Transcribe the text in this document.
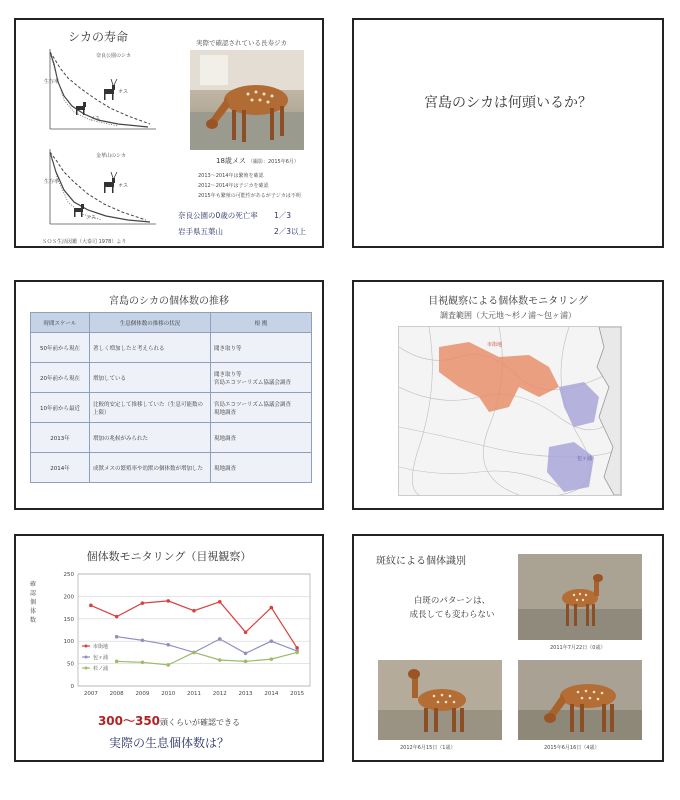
シカの寿命	実際で確認されている長寿ジカ
生存率
奈良公園のシカ
オス
メス
生存率
金華山のシカ
オス
メス
ＳＯＳ生活図鑑（大泰司 1978）より
18歳メス （撮影：2015年6月）
2013～2014年は繁殖を確認
2012～2014年は子ジカを確認
2015年も繁殖の可能性があるが子ジカは不明
奈良公園の0歳の死亡率 1／3
岩手県五葉山	2／3以上
宮島のシカは何頭いるか？
宮島のシカの個体数の推移
時間スケール	生息個体数の推移の状況	根 拠
50年前から現在	著しく増加したと考えられる	聞き取り等

20年前から現在	増加している	聞き取り等
宮島エコツーリズム協議会調査

10年前から最近	比較的安定して推移していた（生息可能数の上限）	宮島エコツーリズム協議会調査
現地調査

2013年	増加の兆候がみられた	現地調査

2014年	成獣メスの繁殖率や幼獣の個体数が増加した	現地調査
目視観察による個体数モニタリング
調査範囲（大元地～杉ノ浦～包ヶ浦）
市街地
包ヶ浦
個体数モニタリング（目視観察）
確
認
個
体
数
0
50
100
150
200
250
2007 2008 2009 2010 2011 2012 2013 2014 2015
市街地
包ヶ浦
杉ノ浦
300～350頭くらいが確認できる
実際の生息個体数は？
斑紋による個体識別
白斑のパターンは、
成長しても変わらない
2011年7月22日（0歳）
2012年6月15日（1歳）	2015年6月16日（4歳）
